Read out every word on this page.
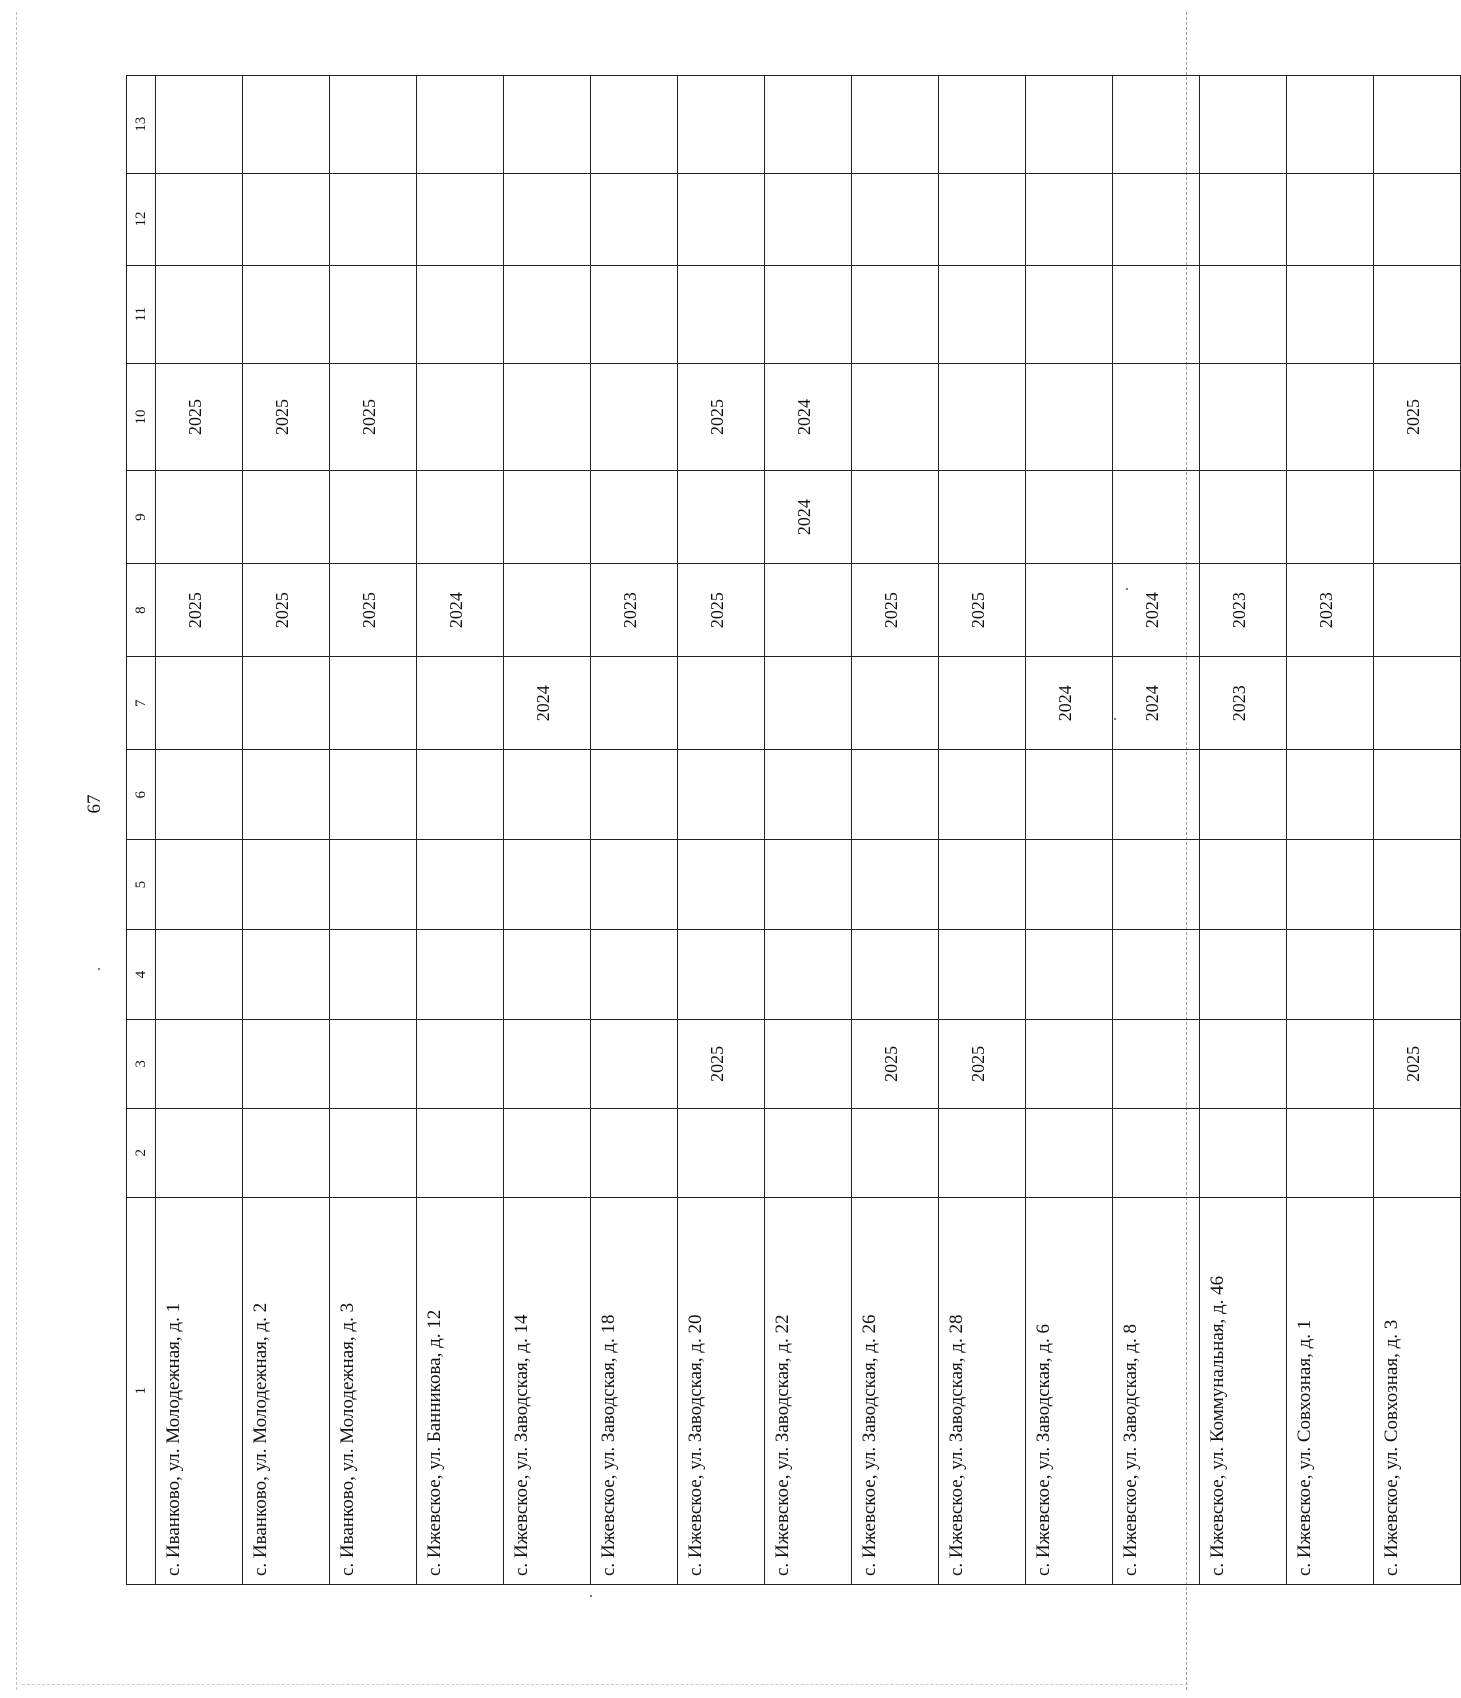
67
1	2	3	4	5	6	7	8	9	10	11	12	13
с. Иванково, ул. Молодежная, д. 1							2025		2025			
с. Иванково, ул. Молодежная, д. 2							2025		2025			
с. Иванково, ул. Молодежная, д. 3							2025		2025			
с. Ижевское, ул. Банникова, д. 12							2024					
с. Ижевское, ул. Заводская, д. 14						2024						
с. Ижевское, ул. Заводская, д. 18							2023					
с. Ижевское, ул. Заводская, д. 20		2025					2025		2025			
с. Ижевское, ул. Заводская, д. 22								2024	2024			
с. Ижевское, ул. Заводская, д. 26		2025					2025					
с. Ижевское, ул. Заводская, д. 28		2025					2025					
с. Ижевское, ул. Заводская, д. 6						2024						
с. Ижевское, ул. Заводская, д. 8						2024	2024					
с. Ижевское, ул. Коммунальная, д. 46						2023	2023					
с. Ижевское, ул. Совхозная, д. 1							2023					
с. Ижевское, ул. Совхозная, д. 3		2025							2025			
